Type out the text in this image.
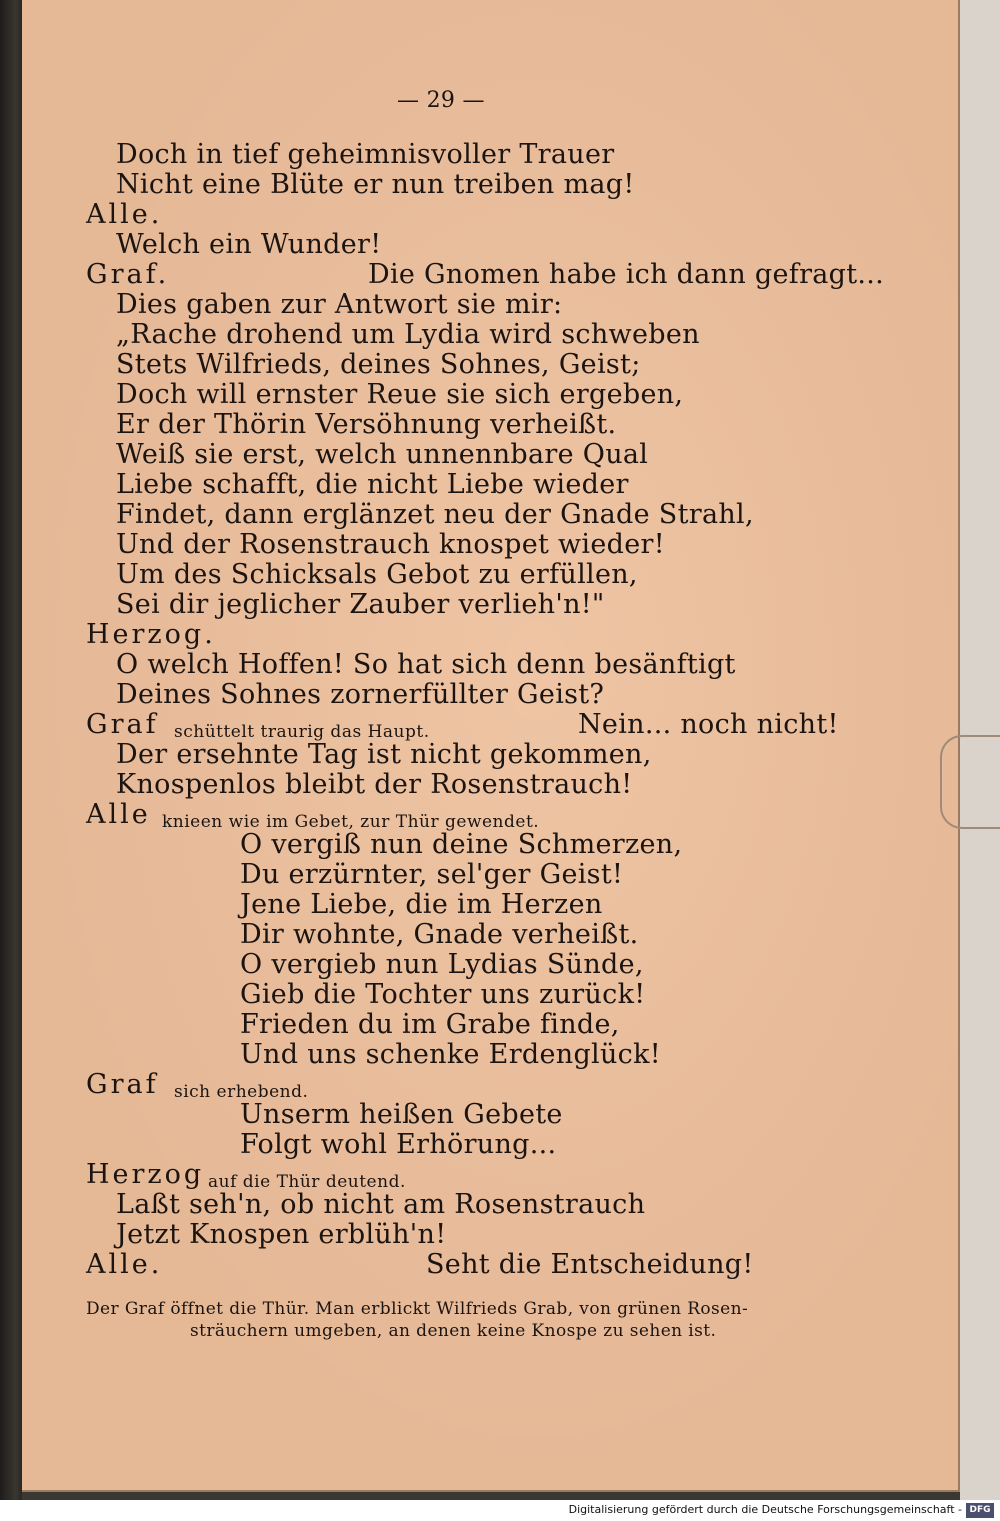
— 29 —

Doch in tief geheimnisvoller Trauer

Nicht eine Blüte er nun treiben mag!

Alle.

Welch ein Wunder!

Graf.	Die Gnomen habe ich dann gefragt...

Dies gaben zur Antwort sie mir:

„Rache drohend um Lydia wird schweben

Stets Wilfrieds, deines Sohnes, Geist;

Doch will ernster Reue sie sich ergeben,

Er der Thörin Versöhnung verheißt.

Weiß sie erst, welch unnennbare Qual

Liebe schafft, die nicht Liebe wieder

Findet, dann erglänzet neu der Gnade Strahl,

Und der Rosenstrauch knospet wieder!

Um des Schicksals Gebot zu erfüllen,

Sei dir jeglicher Zauber verlieh'n!"

Herzog.

O welch Hoffen! So hat sich denn besänftigt

Deines Sohnes zornerfüllter Geist?

Graf schüttelt traurig das Haupt.	Nein... noch nicht!

Der ersehnte Tag ist nicht gekommen,

Knospenlos bleibt der Rosenstrauch!

Alle knieen wie im Gebet, zur Thür gewendet.

O vergiß nun deine Schmerzen,

Du erzürnter, sel'ger Geist!

Jene Liebe, die im Herzen

Dir wohnte, Gnade verheißt.

O vergieb nun Lydias Sünde,

Gieb die Tochter uns zurück!

Frieden du im Grabe finde,

Und uns schenke Erdenglück!

Graf sich erhebend.

Unserm heißen Gebete

Folgt wohl Erhörung...

Herzog auf die Thür deutend.

Laßt seh'n, ob nicht am Rosenstrauch

Jetzt Knospen erblüh'n!

Alle.	Seht die Entscheidung!

Der Graf öffnet die Thür. Man erblickt Wilfrieds Grab, von grünen Rosen-

sträuchern umgeben, an denen keine Knospe zu sehen ist.

Digitalisierung gefördert durch die Deutsche Forschungsgemeinschaft - DFG
